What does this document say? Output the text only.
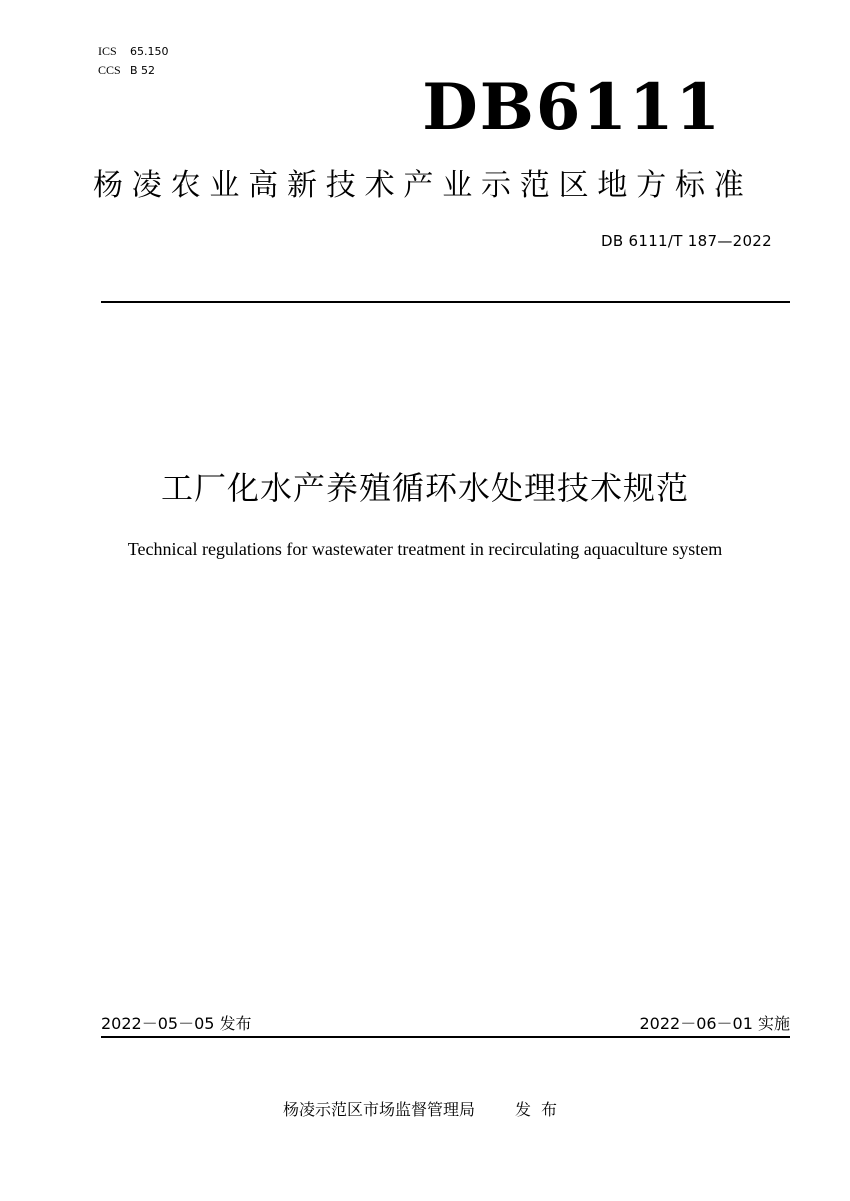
ICS 65.150
CCS B 52	DB6111
杨凌农业高新技术产业示范区地方标准
DB 6111/T 187—2022
工厂化水产养殖循环水处理技术规范
Technical regulations for wastewater treatment in recirculating aquaculture system
2022－05－05 发布	2022－06－01 实施
杨凌示范区市场监督管理局	发布
